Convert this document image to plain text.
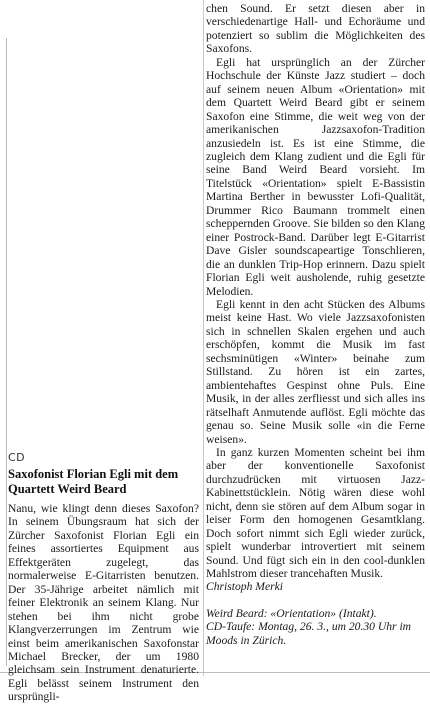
CD
Saxofonist Florian Egli mit dem Quartett Weird Beard

Nanu, wie klingt denn dieses Saxofon? In seinem Übungsraum hat sich der Zürcher Saxofonist Florian Egli ein feines assortiertes Equipment aus Effektgeräten zugelegt, das normalerweise E-Gitarristen benutzen. Der 35-Jährige arbeitet nämlich mit feiner Elektronik an seinem Klang. Nur stehen bei ihm nicht grobe Klangverzerrungen im Zentrum wie einst beim amerikanischen Saxofonstar Michael Brecker, der um 1980 gleichsam sein Instrument denaturierte. Egli belässt seinem Instrument den ursprüngli-

chen Sound. Er setzt diesen aber in verschiedenartige Hall- und Echoräume und potenziert so sublim die Möglichkeiten des Saxofons.

Egli hat ursprünglich an der Zürcher Hochschule der Künste Jazz studiert – doch auf seinem neuen Album «Orientation» mit dem Quartett Weird Beard gibt er seinem Saxofon eine Stimme, die weit weg von der amerikanischen Jazzsaxofon-Tradition anzusiedeln ist. Es ist eine Stimme, die zugleich dem Klang zudient und die Egli für seine Band Weird Beard vorsieht. Im Titelstück «Orientation» spielt E-Bassistin Martina Berther in bewusster Lofi-Qualität, Drummer Rico Baumann trommelt einen scheppernden Groove. Sie bilden so den Klang einer Postrock-Band. Darüber legt E-Gitarrist Dave Gisler soundscapeartige Tonschlieren, die an dunklen Trip-Hop erinnern. Dazu spielt Florian Egli weit ausholende, ruhig gesetzte Melodien.

Egli kennt in den acht Stücken des Albums meist keine Hast. Wo viele Jazzsaxofonisten sich in schnellen Skalen ergehen und auch erschöpfen, kommt die Musik im fast sechsminütigen «Winter» beinahe zum Stillstand. Zu hören ist ein zartes, ambientehaftes Gespinst ohne Puls. Eine Musik, in der alles zerfliesst und sich alles ins rätselhaft Anmutende auflöst. Egli möchte das genau so. Seine Musik solle «in die Ferne weisen».

In ganz kurzen Momenten scheint bei ihm aber der konventionelle Saxofonist durchzudrücken mit virtuosen Jazz-Kabinettstücklein. Nötig wären diese wohl nicht, denn sie stören auf dem Album sogar in leiser Form den homogenen Gesamtklang. Doch sofort nimmt sich Egli wieder zurück, spielt wunderbar introvertiert mit seinem Sound. Und fügt sich ein in den cool-dunklen Mahlstrom dieser trancehaften Musik.

Christoph Merki

Weird Beard: «Orientation» (Intakt).

CD-Taufe: Montag, 26. 3., um 20.30 Uhr im Moods in Zürich.
